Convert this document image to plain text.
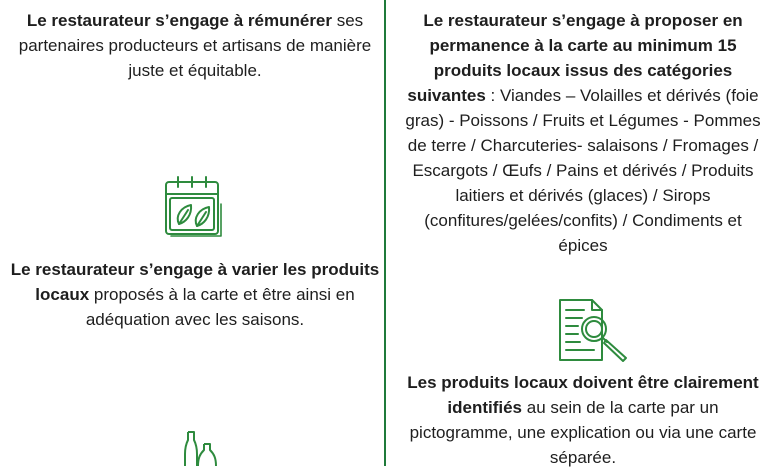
Le restaurateur s’engage à rémunérer ses partenaires producteurs et artisans de manière juste et équitable.

Le restaurateur s’engage à varier les produits locaux proposés à la carte et être ainsi en adéquation avec les saisons.

Le restaurateur s’engage à proposer en permanence à la carte au minimum 15 produits locaux issus des catégories suivantes : Viandes – Volailles et dérivés (foie gras) - Poissons / Fruits et Légumes - Pommes de terre / Charcuteries- salaisons / Fromages / Escargots / Œufs / Pains et dérivés / Produits laitiers et dérivés (glaces) / Sirops (confitures/gelées/confits) / Condiments et épices

Les produits locaux doivent être clairement identifiés au sein de la carte par un pictogramme, une explication ou via une carte séparée.
